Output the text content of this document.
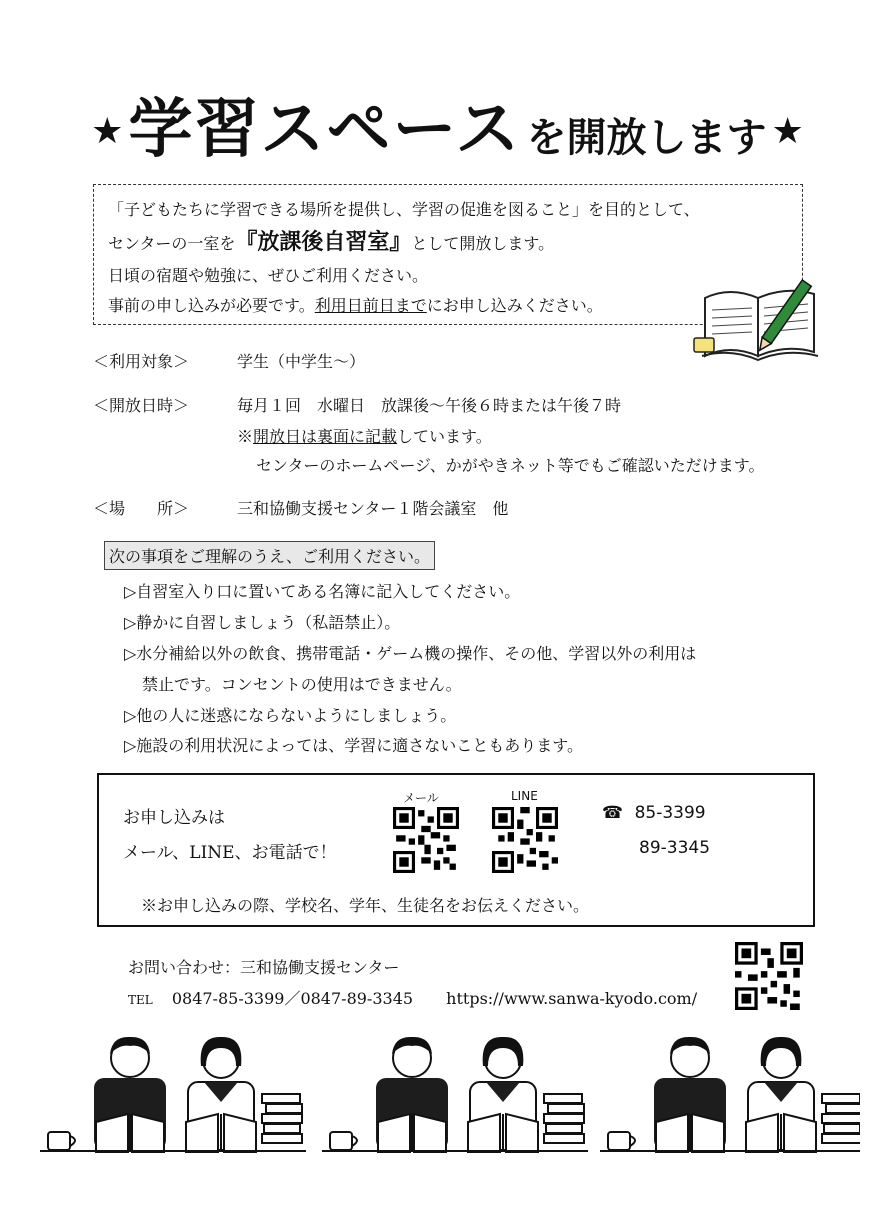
★ 学習スペース を開放します ★
「子どもたちに学習できる場所を提供し、学習の促進を図ること」を目的として、
センターの一室を『放課後自習室』として開放します。
日頃の宿題や勉強に、ぜひご利用ください。
事前の申し込みが必要です。利用日前日までにお申し込みください。
＜利用対象＞	学生（中学生～）
＜開放日時＞	毎月１回　水曜日　放課後～午後６時または午後７時
※開放日は裏面に記載しています。
センターのホームページ、かがやきネット等でもご確認いただけます。
＜場　　所＞	三和協働支援センター１階会議室　他
次の事項をご理解のうえ、ご利用ください。
▷自習室入り口に置いてある名簿に記入してください。
▷静かに自習しましょう（私語禁止）。
▷水分補給以外の飲食、携帯電話・ゲーム機の操作、その他、学習以外の利用は
禁止です。コンセントの使用はできません。
▷他の人に迷惑にならないようにしましょう。
▷施設の利用状況によっては、学習に適さないこともあります。
お申し込みは
メール、LINE、お電話で！
メール	LINE
☎ 85-3399
89-3345
※お申し込みの際、学校名、学年、生徒名をお伝えください。
お問い合わせ：三和協働支援センター
TEL 0847-85-3399／0847-89-3345 https://www.sanwa-kyodo.com/
